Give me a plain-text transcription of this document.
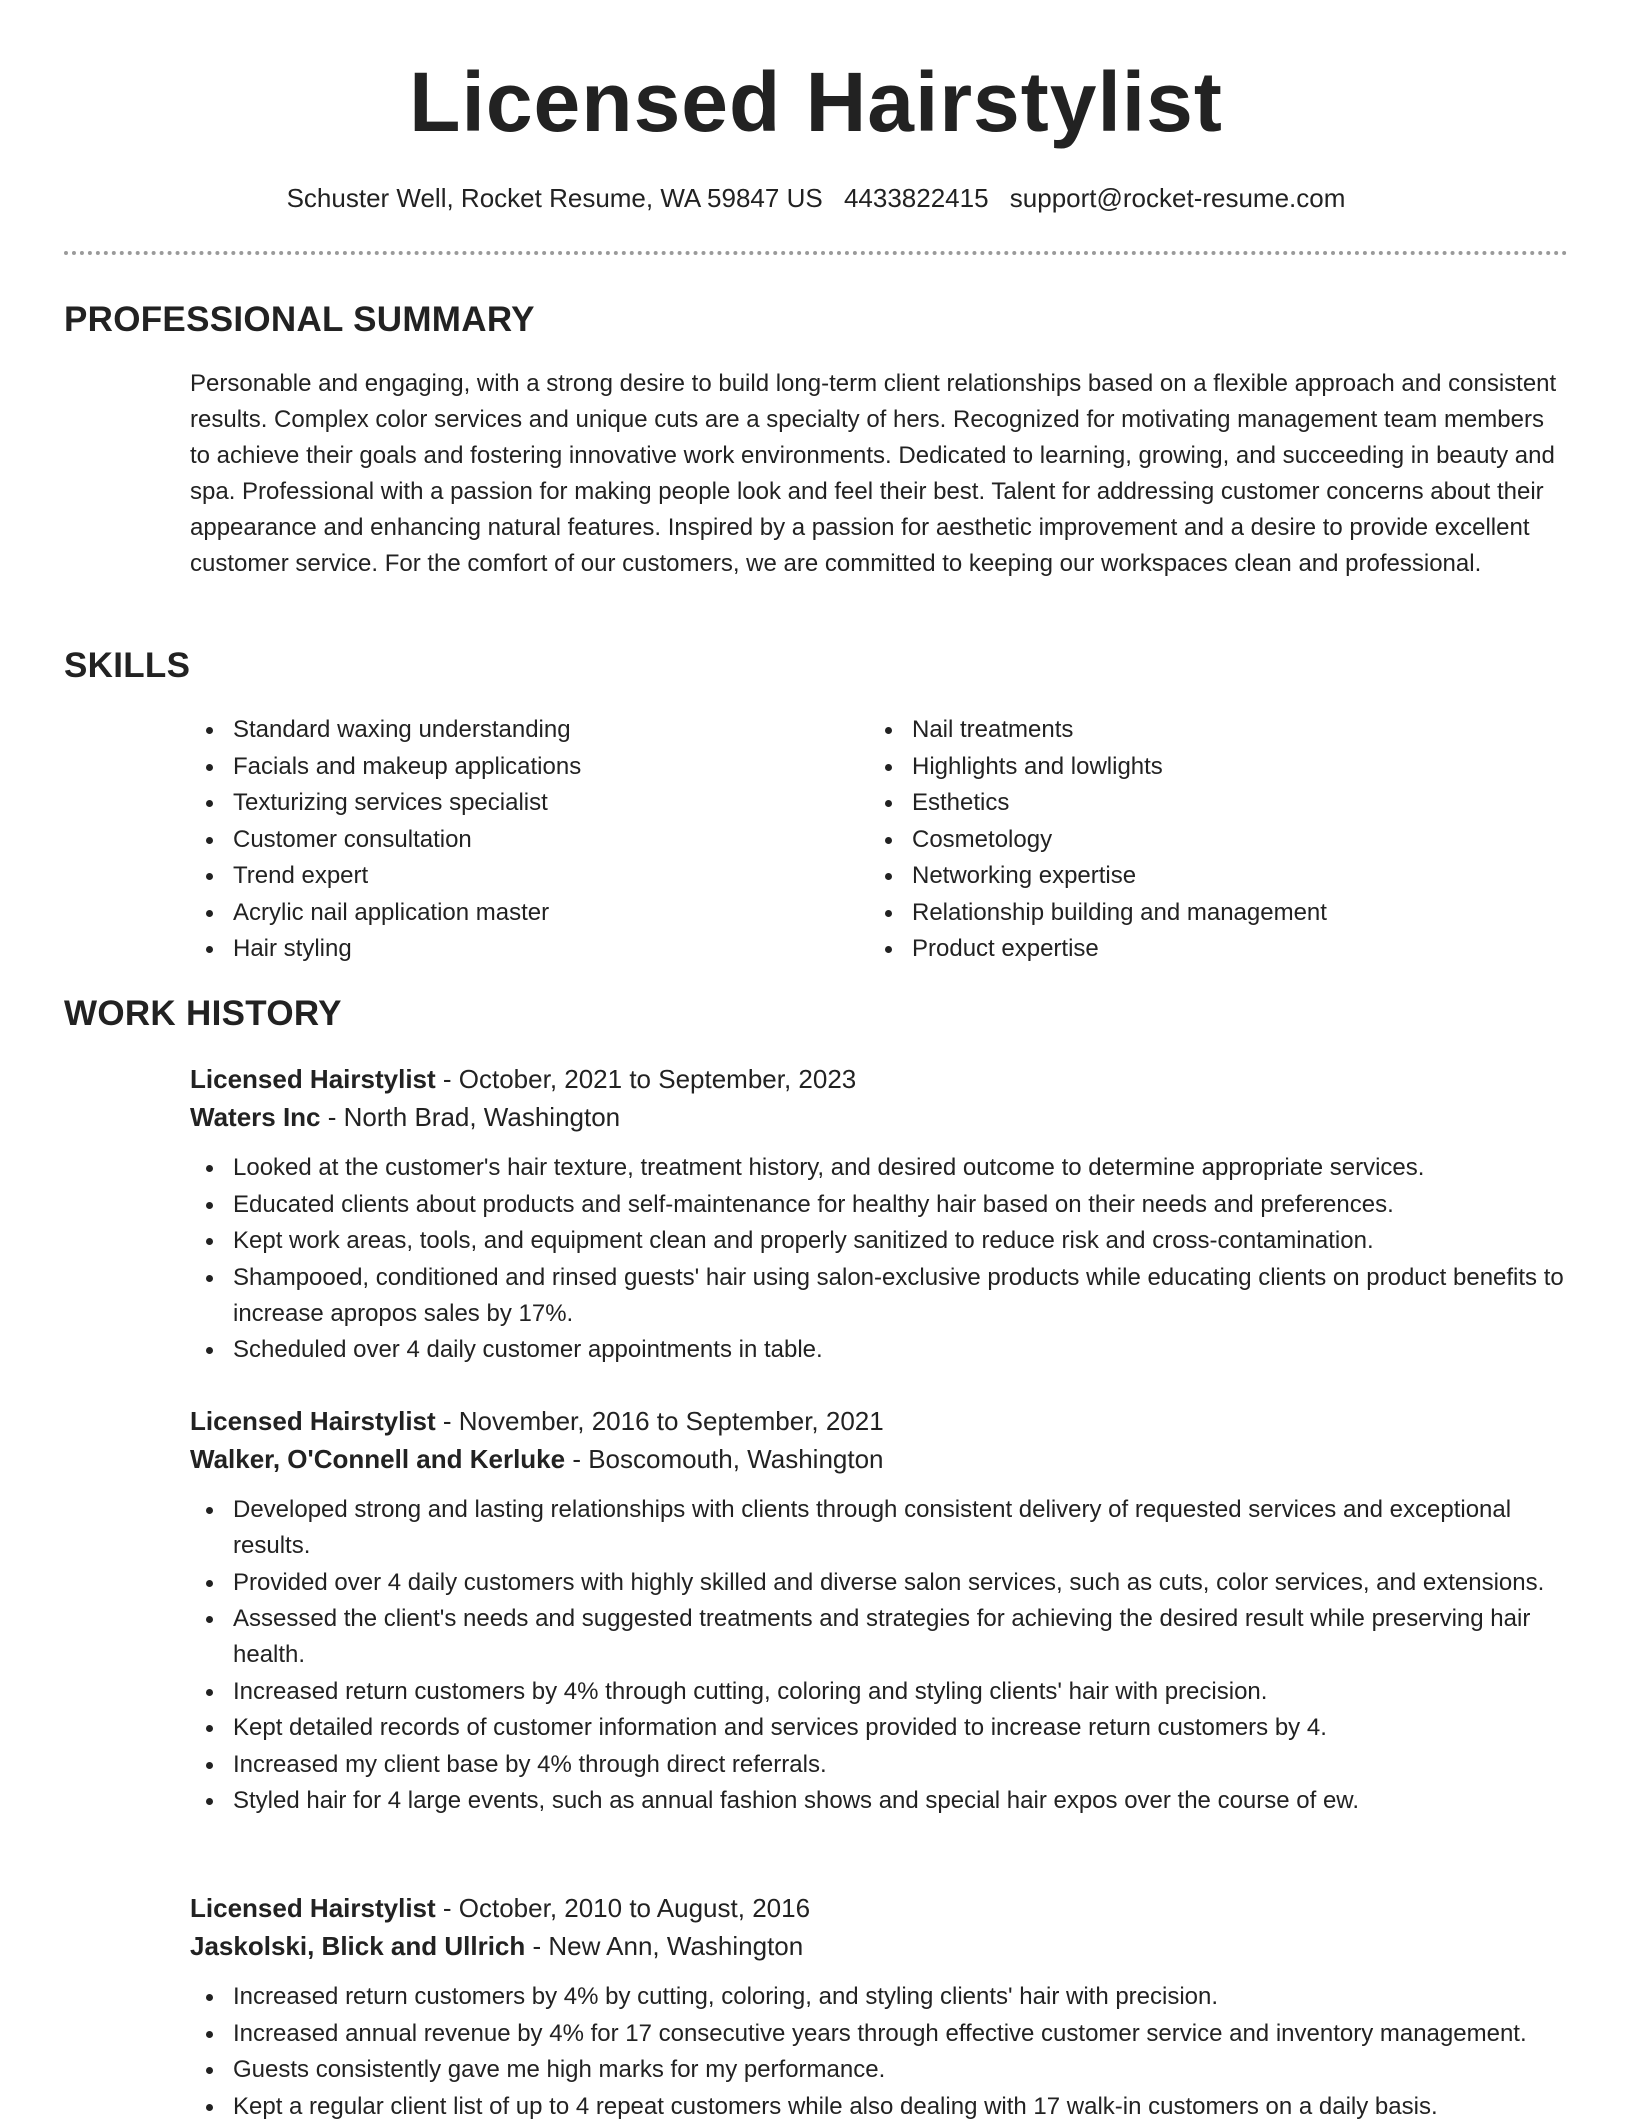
Licensed Hairstylist
Schuster Well, Rocket Resume, WA 59847 US 4433822415 support@rocket-resume.com
PROFESSIONAL SUMMARY
Personable and engaging, with a strong desire to build long-term client relationships based on a flexible approach and consistent results. Complex color services and unique cuts are a specialty of hers. Recognized for motivating management team members to achieve their goals and fostering innovative work environments. Dedicated to learning, growing, and succeeding in beauty and spa. Professional with a passion for making people look and feel their best. Talent for addressing customer concerns about their appearance and enhancing natural features. Inspired by a passion for aesthetic improvement and a desire to provide excellent customer service. For the comfort of our customers, we are committed to keeping our workspaces clean and professional.
SKILLS
Standard waxing understanding
Facials and makeup applications
Texturizing services specialist
Customer consultation
Trend expert
Acrylic nail application master
Hair styling
Nail treatments
Highlights and lowlights
Esthetics
Cosmetology
Networking expertise
Relationship building and management
Product expertise
WORK HISTORY
Licensed Hairstylist - October, 2021 to September, 2023
Waters Inc - North Brad, Washington
Looked at the customer's hair texture, treatment history, and desired outcome to determine appropriate services.
Educated clients about products and self-maintenance for healthy hair based on their needs and preferences.
Kept work areas, tools, and equipment clean and properly sanitized to reduce risk and cross-contamination.
Shampooed, conditioned and rinsed guests' hair using salon-exclusive products while educating clients on product benefits to increase apropos sales by 17%.
Scheduled over 4 daily customer appointments in table.
Licensed Hairstylist - November, 2016 to September, 2021
Walker, O'Connell and Kerluke - Boscomouth, Washington
Developed strong and lasting relationships with clients through consistent delivery of requested services and exceptional results.
Provided over 4 daily customers with highly skilled and diverse salon services, such as cuts, color services, and extensions.
Assessed the client's needs and suggested treatments and strategies for achieving the desired result while preserving hair health.
Increased return customers by 4% through cutting, coloring and styling clients' hair with precision.
Kept detailed records of customer information and services provided to increase return customers by 4.
Increased my client base by 4% through direct referrals.
Styled hair for 4 large events, such as annual fashion shows and special hair expos over the course of ew.
Licensed Hairstylist - October, 2010 to August, 2016
Jaskolski, Blick and Ullrich - New Ann, Washington
Increased return customers by 4% by cutting, coloring, and styling clients' hair with precision.
Increased annual revenue by 4% for 17 consecutive years through effective customer service and inventory management.
Guests consistently gave me high marks for my performance.
Kept a regular client list of up to 4 repeat customers while also dealing with 17 walk-in customers on a daily basis.
